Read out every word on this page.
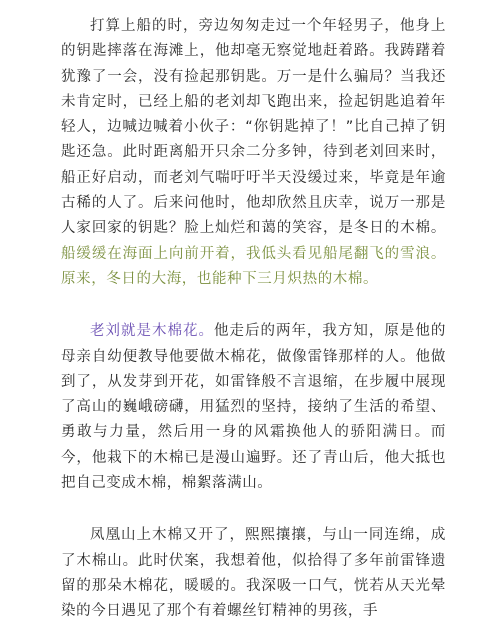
打算上船的时，旁边匆匆走过一个年轻男子，他身上的钥匙摔落在海滩上，他却毫无察觉地赶着路。我踌躇着犹豫了一会，没有捡起那钥匙。万一是什么骗局？当我还未肯定时，已经上船的老刘却飞跑出来，捡起钥匙追着年轻人，边喊边喊着小伙子：“你钥匙掉了！”比自己掉了钥匙还急。此时距离船开只余二分多钟，待到老刘回来时，船正好启动，而老刘气喘吁吁半天没缓过来，毕竟是年逾古稀的人了。后来问他时，他却欣然且庆幸，说万一那是人家回家的钥匙？脸上灿烂和蔼的笑容，是冬日的木棉。船缓缓在海面上向前开着，我低头看见船尾翻飞的雪浪。原来，冬日的大海，也能种下三月炽热的木棉。

老刘就是木棉花。他走后的两年，我方知，原是他的母亲自幼便教导他要做木棉花，做像雷锋那样的人。他做到了，从发芽到开花，如雷锋般不言退缩，在步履中展现了高山的巍峨磅礴，用猛烈的坚持，接纳了生活的希望、勇敢与力量，然后用一身的风霜换他人的骄阳满日。而今，他栽下的木棉已是漫山遍野。还了青山后，他大抵也把自己变成木棉，棉絮落满山。

凤凰山上木棉又开了，熙熙攘攘，与山一同连绵，成了木棉山。此时伏案，我想着他，似拾得了多年前雷锋遗留的那朵木棉花，暖暖的。我深吸一口气，恍若从天光晕染的今日遇见了那个有着螺丝钉精神的男孩，手
